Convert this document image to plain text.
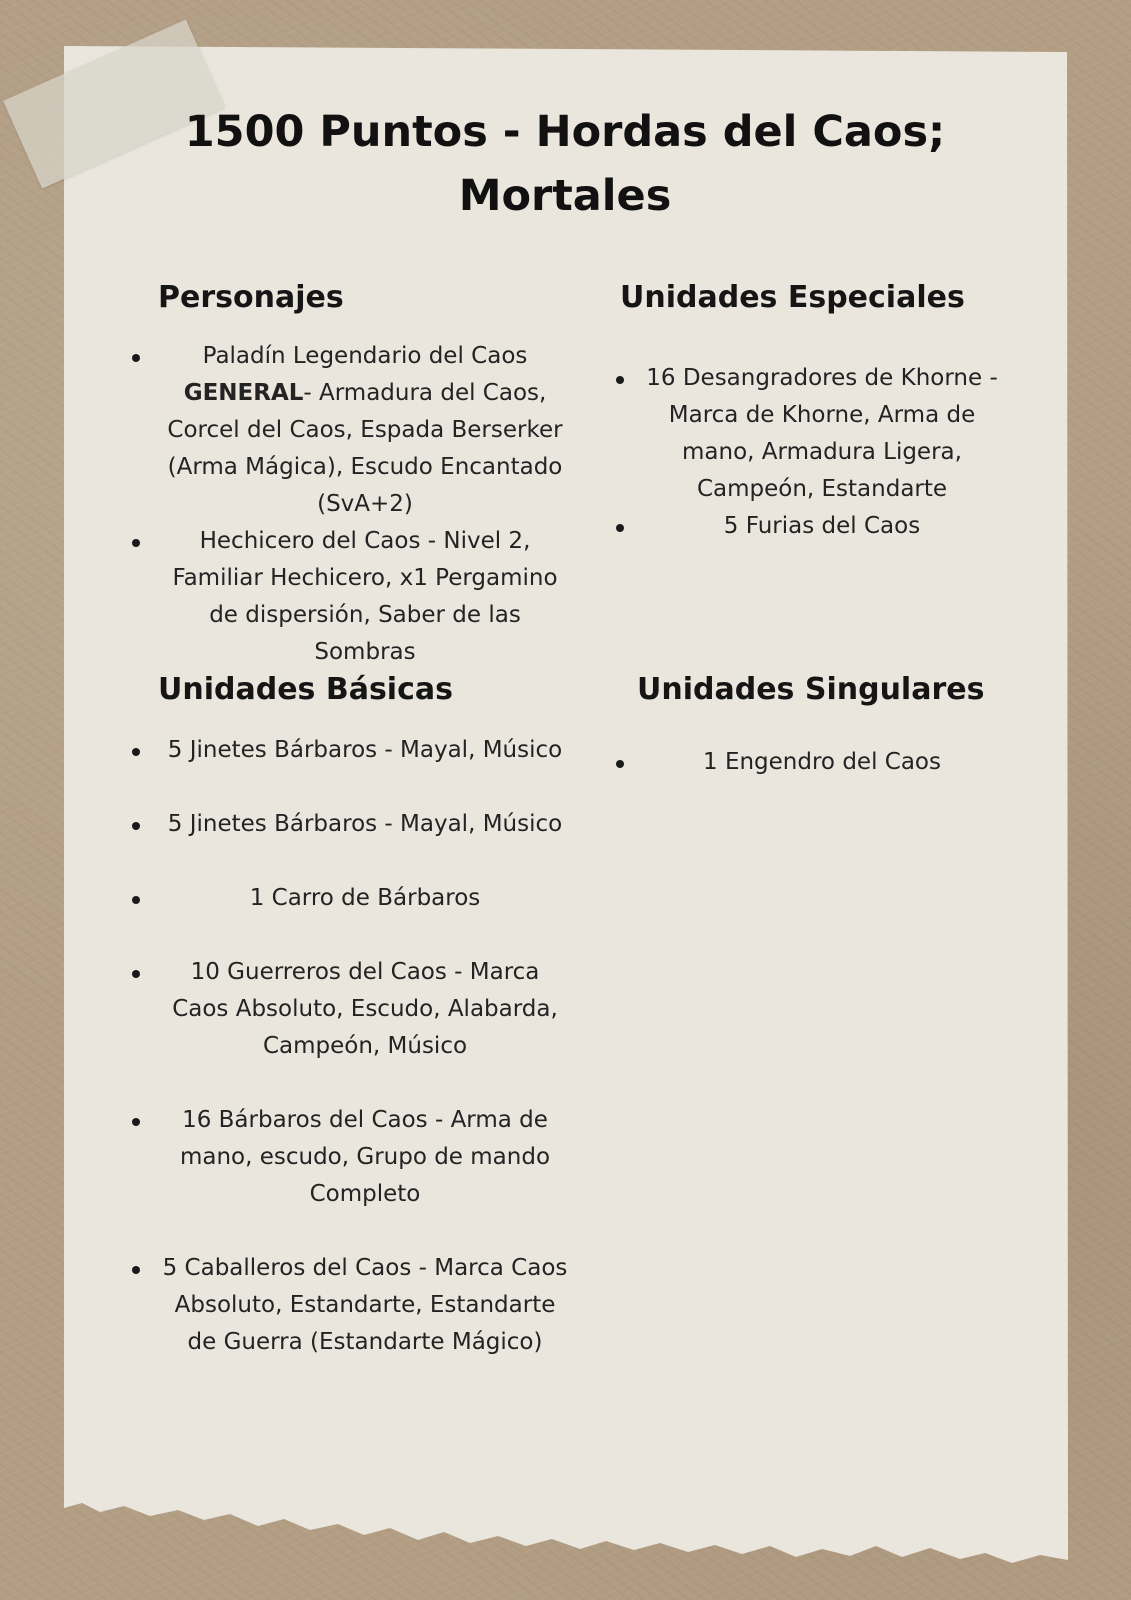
1500 Puntos - Hordas del Caos; Mortales
Personajes
Paladín Legendario del Caos GENERAL- Armadura del Caos, Corcel del Caos, Espada Berserker (Arma Mágica), Escudo Encantado (SvA+2)
Hechicero del Caos - Nivel 2, Familiar Hechicero, x1 Pergamino de dispersión, Saber de las Sombras
Unidades Especiales
16 Desangradores de Khorne - Marca de Khorne, Arma de mano, Armadura Ligera, Campeón, Estandarte
5 Furias del Caos
Unidades Básicas
5 Jinetes Bárbaros - Mayal, Músico
5 Jinetes Bárbaros - Mayal, Músico
1 Carro de Bárbaros
10 Guerreros del Caos - Marca Caos Absoluto, Escudo, Alabarda, Campeón, Músico
16 Bárbaros del Caos - Arma de mano, escudo, Grupo de mando Completo
5 Caballeros del Caos - Marca Caos Absoluto, Estandarte, Estandarte de Guerra (Estandarte Mágico)
Unidades Singulares
1 Engendro del Caos
